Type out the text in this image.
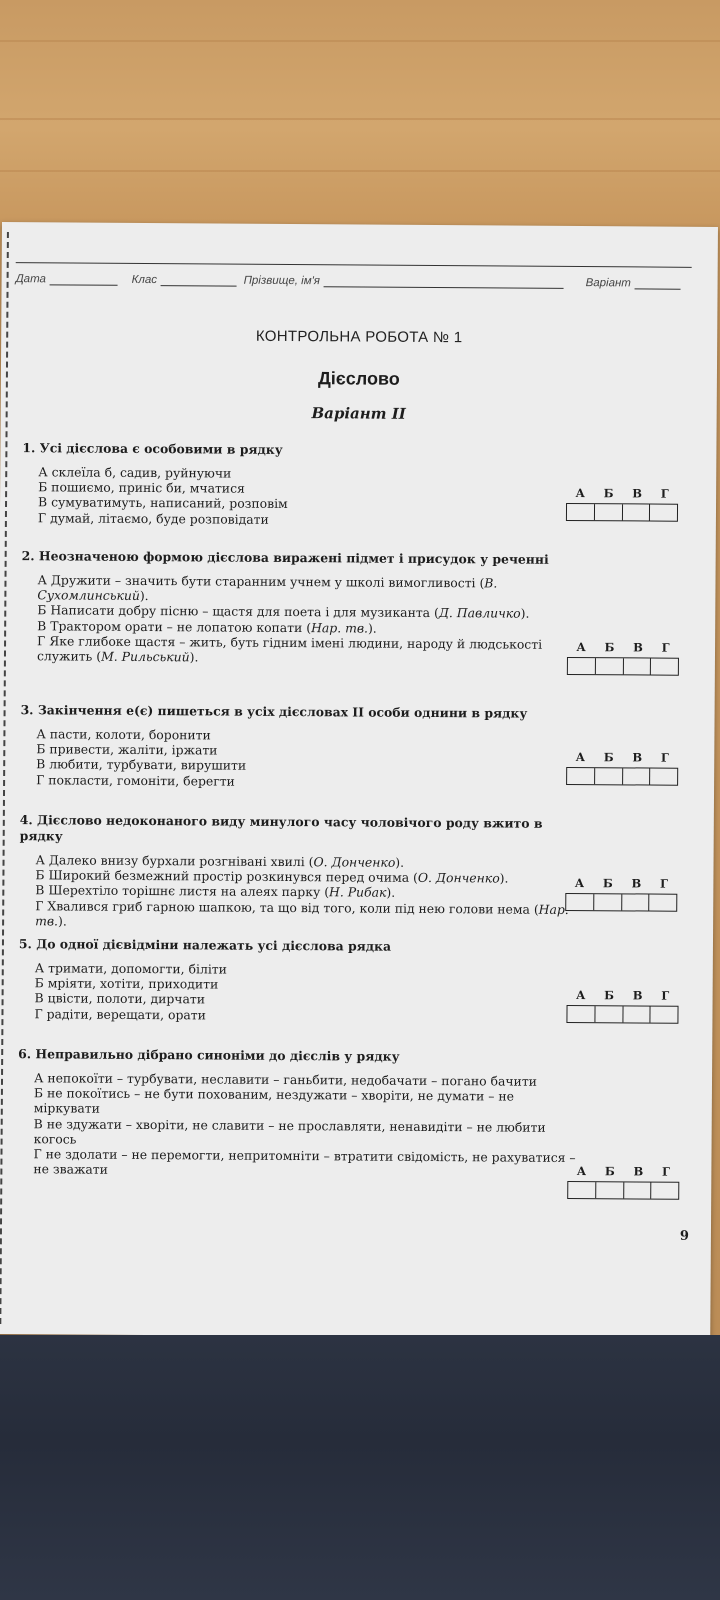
Дата	Клас	Прізвище, ім'я	Варіант
КОНТРОЛЬНА РОБОТА № 1
Дієслово
Варіант II
1. Усі дієслова є особовими в рядку
А склеїла б, садив, руйнуючи
Б пошиємо, приніс би, мчатися
В сумуватимуть, написаний, розповім
Г думай, літаємо, буде розповідати
А Б В Г
2. Неозначеною формою дієслова виражені підмет і присудок у реченні
А Дружити – значить бути старанним учнем у школі вимогливості (В. Сухомлинський).
Б Написати добру пісню – щастя для поета і для музиканта (Д. Павличко).
В Трактором орати – не лопатою копати (Нар. тв.).
Г Яке глибоке щастя – жить, буть гідним імені людини, народу й людськості служить (М. Рильський).
А Б В Г
3. Закінчення е(є) пишеться в усіх дієсловах II особи однини в рядку
А пасти, колоти, боронити
Б привести, жаліти, іржати
В любити, турбувати, вирушити
Г покласти, гомоніти, берегти
А Б В Г
4. Дієслово недоконаного виду минулого часу чоловічого роду вжито в рядку
А Далеко внизу бурхали розгнівані хвилі (О. Донченко).
Б Широкий безмежний простір розкинувся перед очима (О. Донченко).
В Шерехтіло торішнє листя на алеях парку (Н. Рибак).
Г Хвалився гриб гарною шапкою, та що від того, коли під нею голови нема (Нар. тв.).
А Б В Г
5. До одної дієвідміни належать усі дієслова рядка
А тримати, допомогти, біліти
Б мріяти, хотіти, приходити
В цвісти, полоти, дирчати
Г радіти, верещати, орати
А Б В Г
6. Неправильно дібрано синоніми до дієслів у рядку
А непокоїти – турбувати, неславити – ганьбити, недобачати – погано бачити
Б не покоїтись – не бути похованим, нездужати – хворіти, не думати – не міркувати
В не здужати – хворіти, не славити – не прославляти, ненавидіти – не любити когось
Г не здолати – не перемогти, непритомніти – втратити свідомість, не рахуватися – не зважати	А Б В Г
9
